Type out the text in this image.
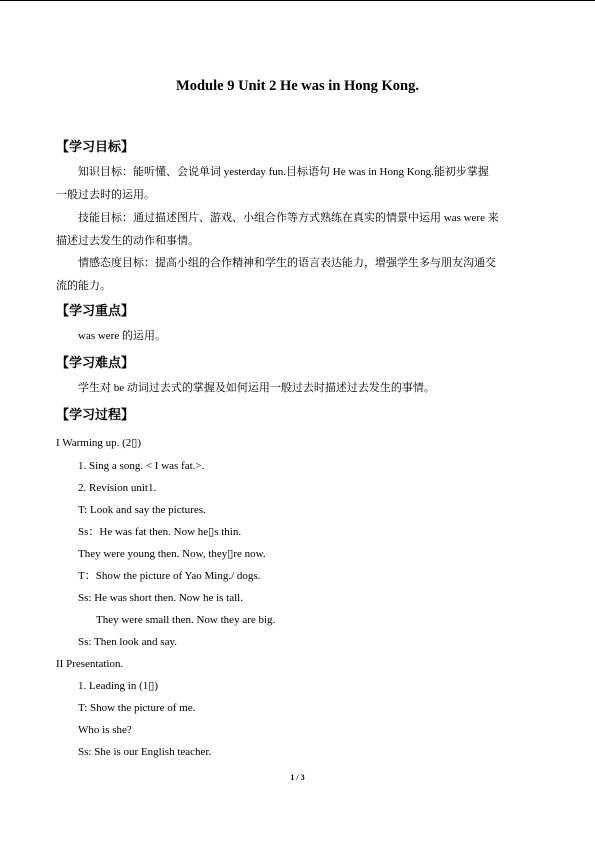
Module 9 Unit 2 He was in Hong Kong.
【学习目标】
知识目标：能听懂、会说单词 yesterday fun.目标语句 He was in Hong Kong.能初步掌握
一般过去时的运用。
技能目标：通过描述图片、游戏、小组合作等方式熟练在真实的情景中运用 was were 来
描述过去发生的动作和事情。
情感态度目标：提高小组的合作精神和学生的语言表达能力，增强学生多与朋友沟通交
流的能力。
【学习重点】
was were 的运用。
【学习难点】
学生对 be 动词过去式的掌握及如何运用一般过去时描述过去发生的事情。
【学习过程】
I Warming up. (2▯)
1. Sing a song. < I was fat.>.
2. Revision unit1.
T: Look and say the pictures.
Ss：He was fat then. Now he▯s thin.
They were young then. Now, they▯re now.
T：Show the picture of Yao Ming./ dogs.
Ss: He was short then. Now he is tall.
They were small then. Now they are big.
Ss: Then look and say.
II Presentation.
1. Leading in (1▯)
T: Show the picture of me.
Who is she?
Ss: She is our English teacher.
1 / 3
